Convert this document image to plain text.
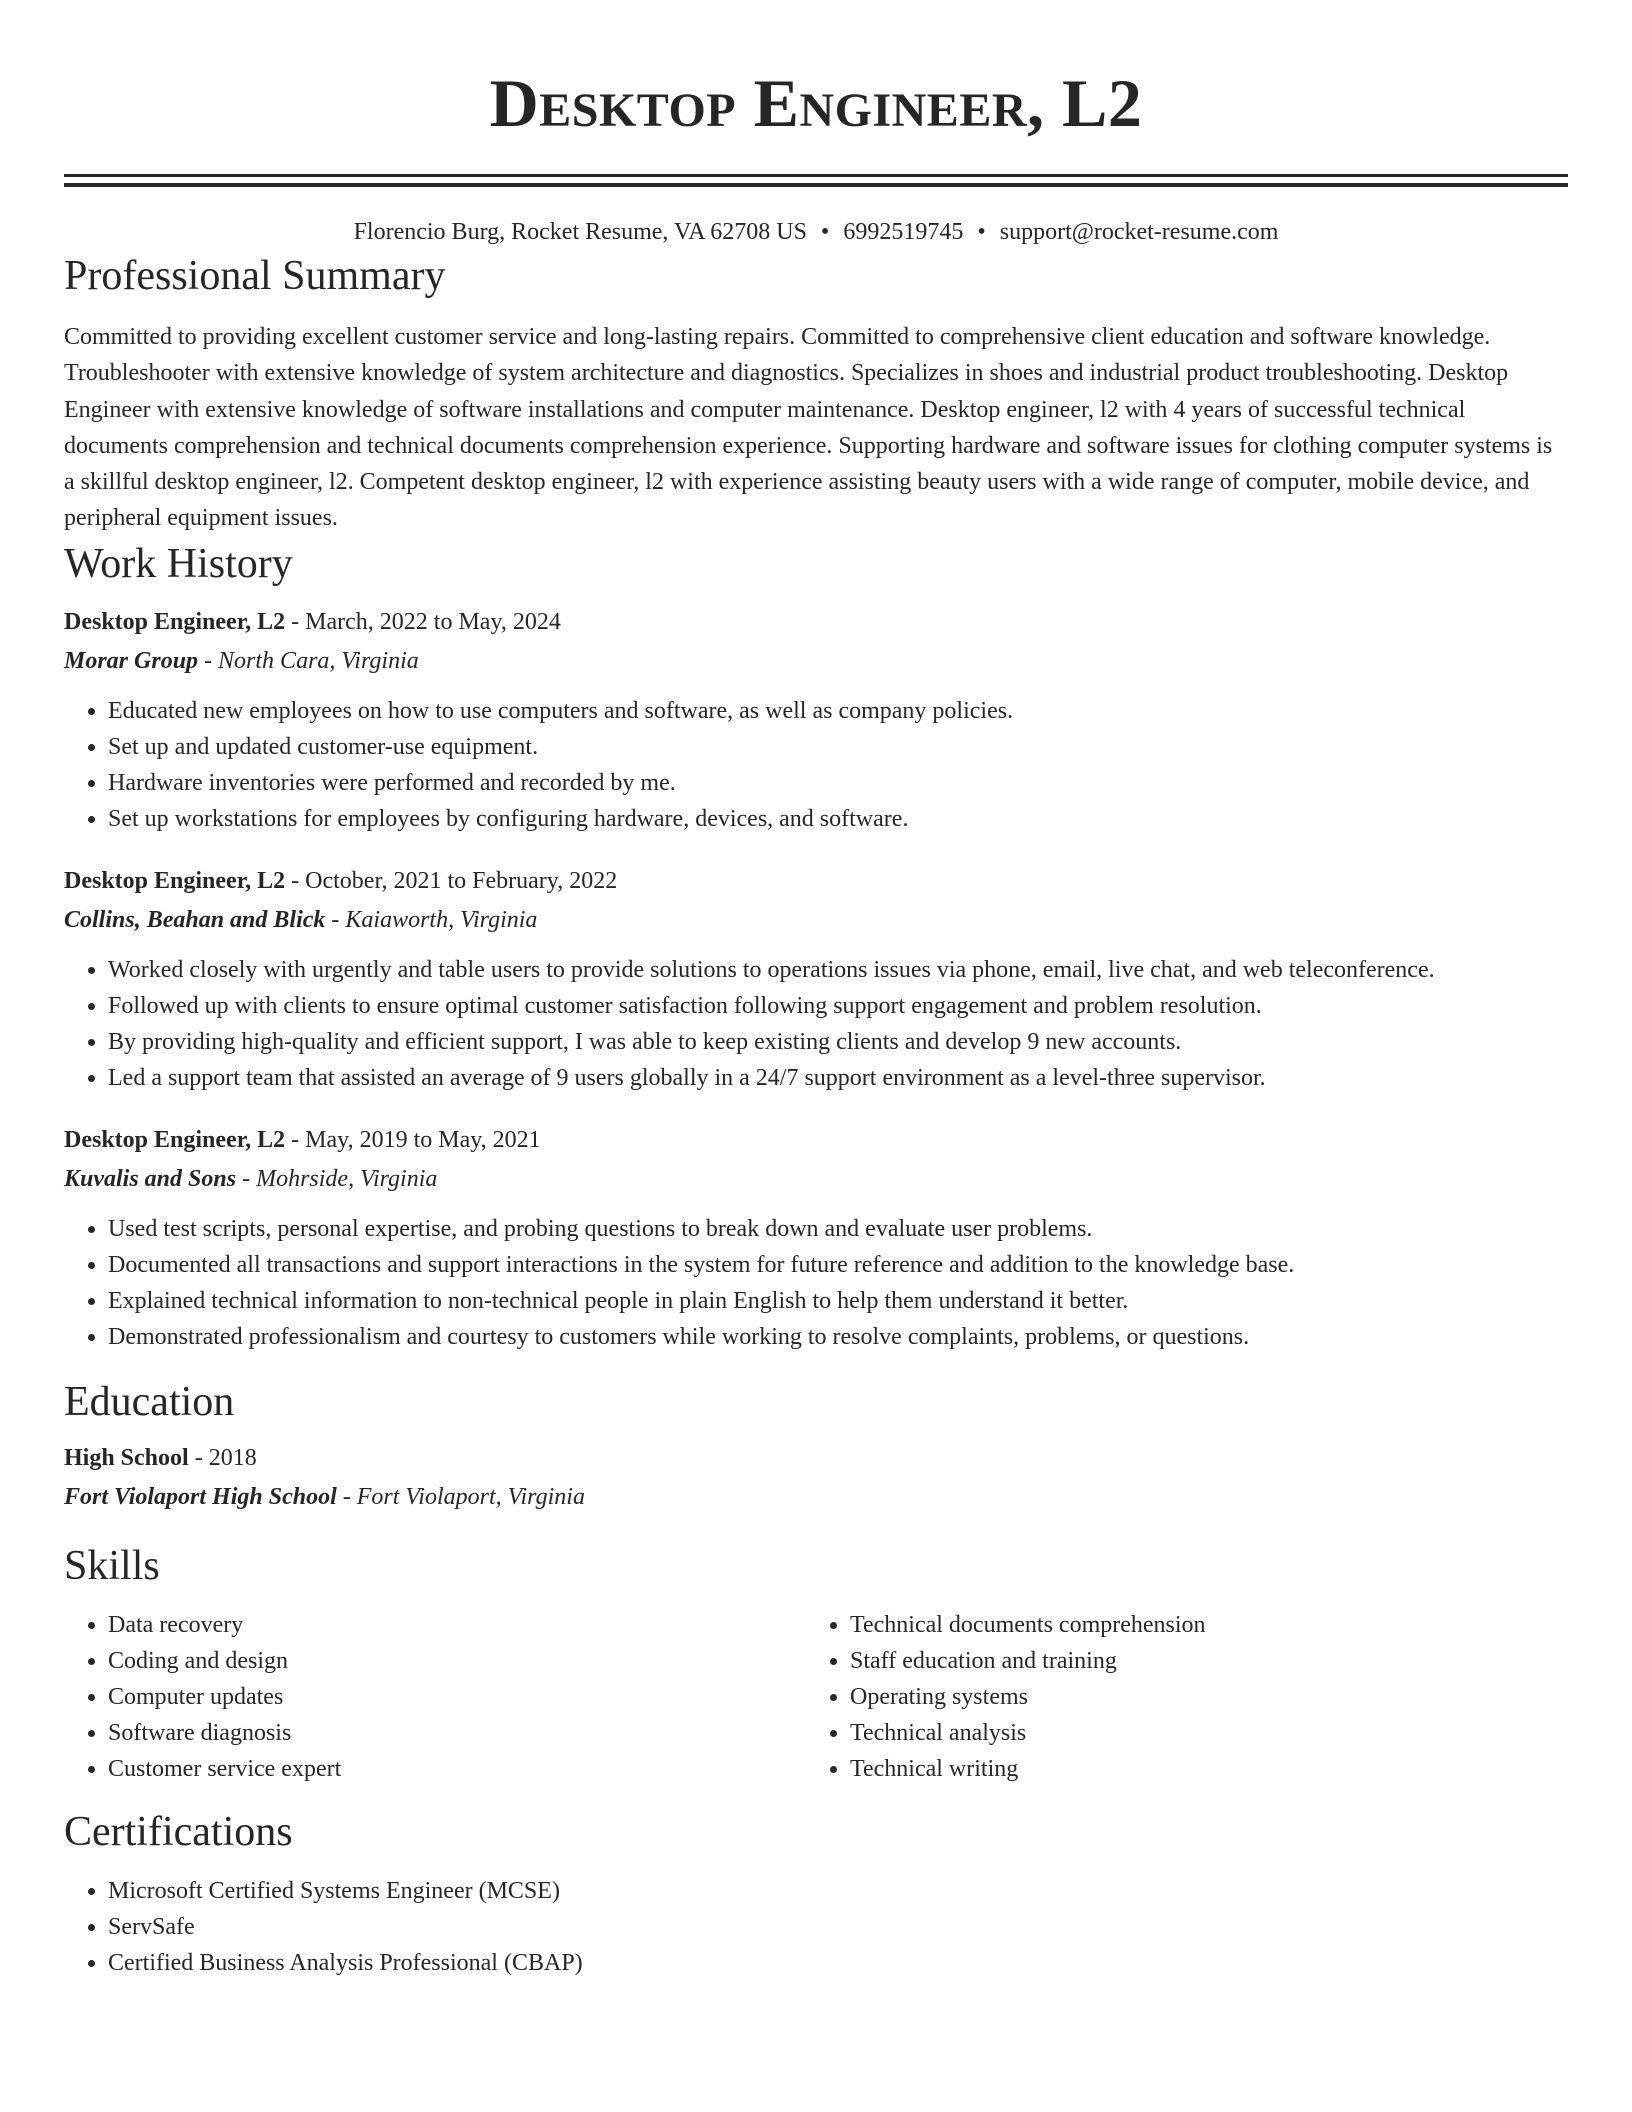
Desktop Engineer, L2
Florencio Burg, Rocket Resume, VA 62708 US • 6992519745 • support@rocket-resume.com
Professional Summary
Committed to providing excellent customer service and long-lasting repairs. Committed to comprehensive client education and software knowledge. Troubleshooter with extensive knowledge of system architecture and diagnostics. Specializes in shoes and industrial product troubleshooting. Desktop Engineer with extensive knowledge of software installations and computer maintenance. Desktop engineer, l2 with 4 years of successful technical documents comprehension and technical documents comprehension experience. Supporting hardware and software issues for clothing computer systems is a skillful desktop engineer, l2. Competent desktop engineer, l2 with experience assisting beauty users with a wide range of computer, mobile device, and peripheral equipment issues.
Work History
Desktop Engineer, L2 - March, 2022 to May, 2024
Morar Group - North Cara, Virginia
• Educated new employees on how to use computers and software, as well as company policies.
• Set up and updated customer-use equipment.
• Hardware inventories were performed and recorded by me.
• Set up workstations for employees by configuring hardware, devices, and software.
Desktop Engineer, L2 - October, 2021 to February, 2022
Collins, Beahan and Blick - Kaiaworth, Virginia
• Worked closely with urgently and table users to provide solutions to operations issues via phone, email, live chat, and web teleconference.
• Followed up with clients to ensure optimal customer satisfaction following support engagement and problem resolution.
• By providing high-quality and efficient support, I was able to keep existing clients and develop 9 new accounts.
• Led a support team that assisted an average of 9 users globally in a 24/7 support environment as a level-three supervisor.
Desktop Engineer, L2 - May, 2019 to May, 2021
Kuvalis and Sons - Mohrside, Virginia
• Used test scripts, personal expertise, and probing questions to break down and evaluate user problems.
• Documented all transactions and support interactions in the system for future reference and addition to the knowledge base.
• Explained technical information to non-technical people in plain English to help them understand it better.
• Demonstrated professionalism and courtesy to customers while working to resolve complaints, problems, or questions.
Education
High School - 2018
Fort Violaport High School - Fort Violaport, Virginia
Skills
• Data recovery
• Coding and design
• Computer updates
• Software diagnosis
• Customer service expert
• Technical documents comprehension
• Staff education and training
• Operating systems
• Technical analysis
• Technical writing
Certifications
• Microsoft Certified Systems Engineer (MCSE)
• ServSafe
• Certified Business Analysis Professional (CBAP)
